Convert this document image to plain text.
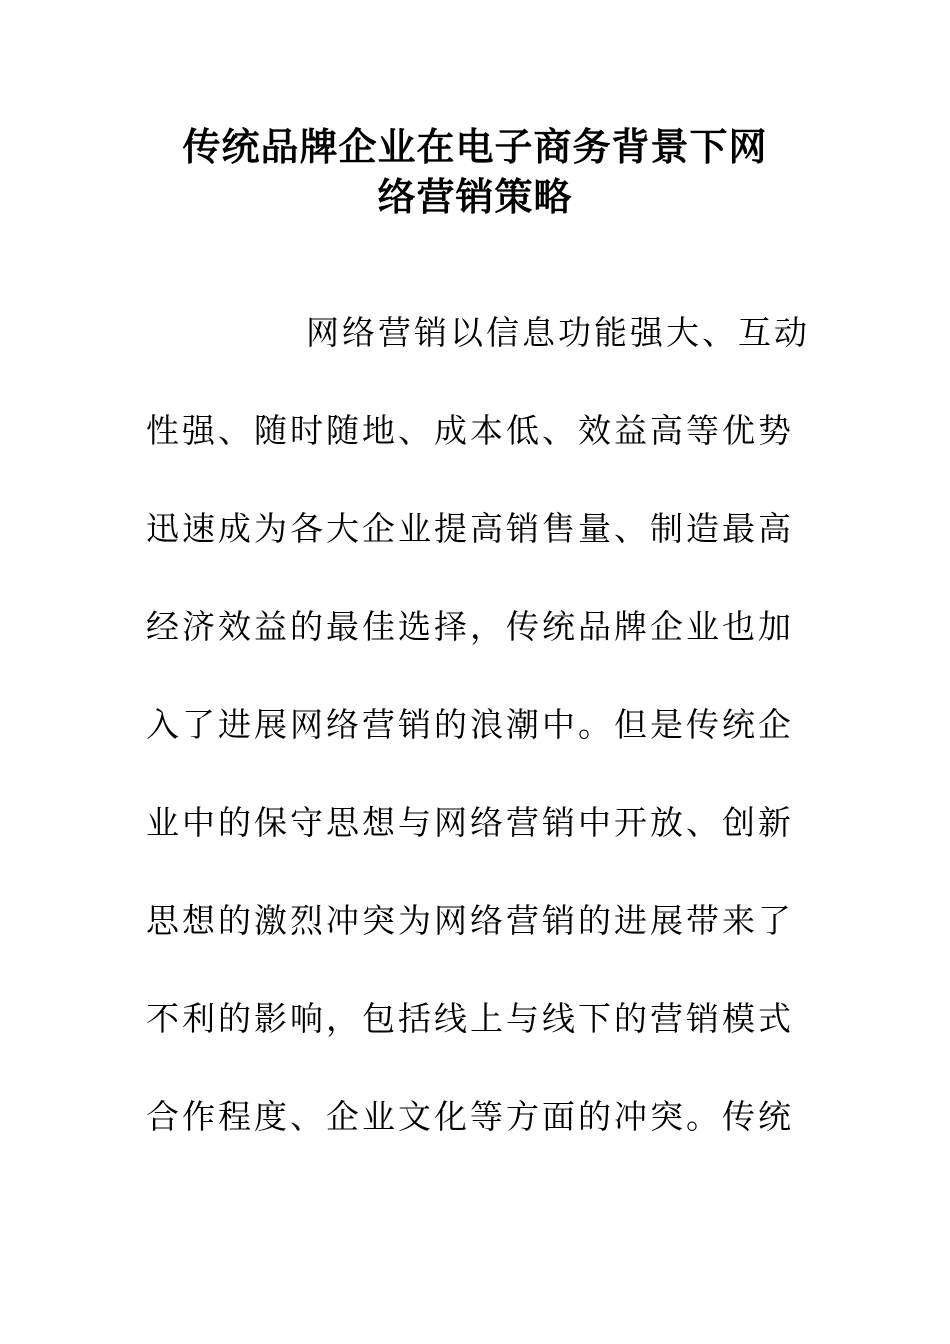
传统品牌企业在电子商务背景下网
络营销策略
网络营销以信息功能强大、互动
性强、随时随地、成本低、效益高等优势
迅速成为各大企业提高销售量、制造最高
经济效益的最佳选择，传统品牌企业也加
入了进展网络营销的浪潮中。但是传统企
业中的保守思想与网络营销中开放、创新
思想的激烈冲突为网络营销的进展带来了
不利的影响，包括线上与线下的营销模式
合作程度、企业文化等方面的冲突。传统
